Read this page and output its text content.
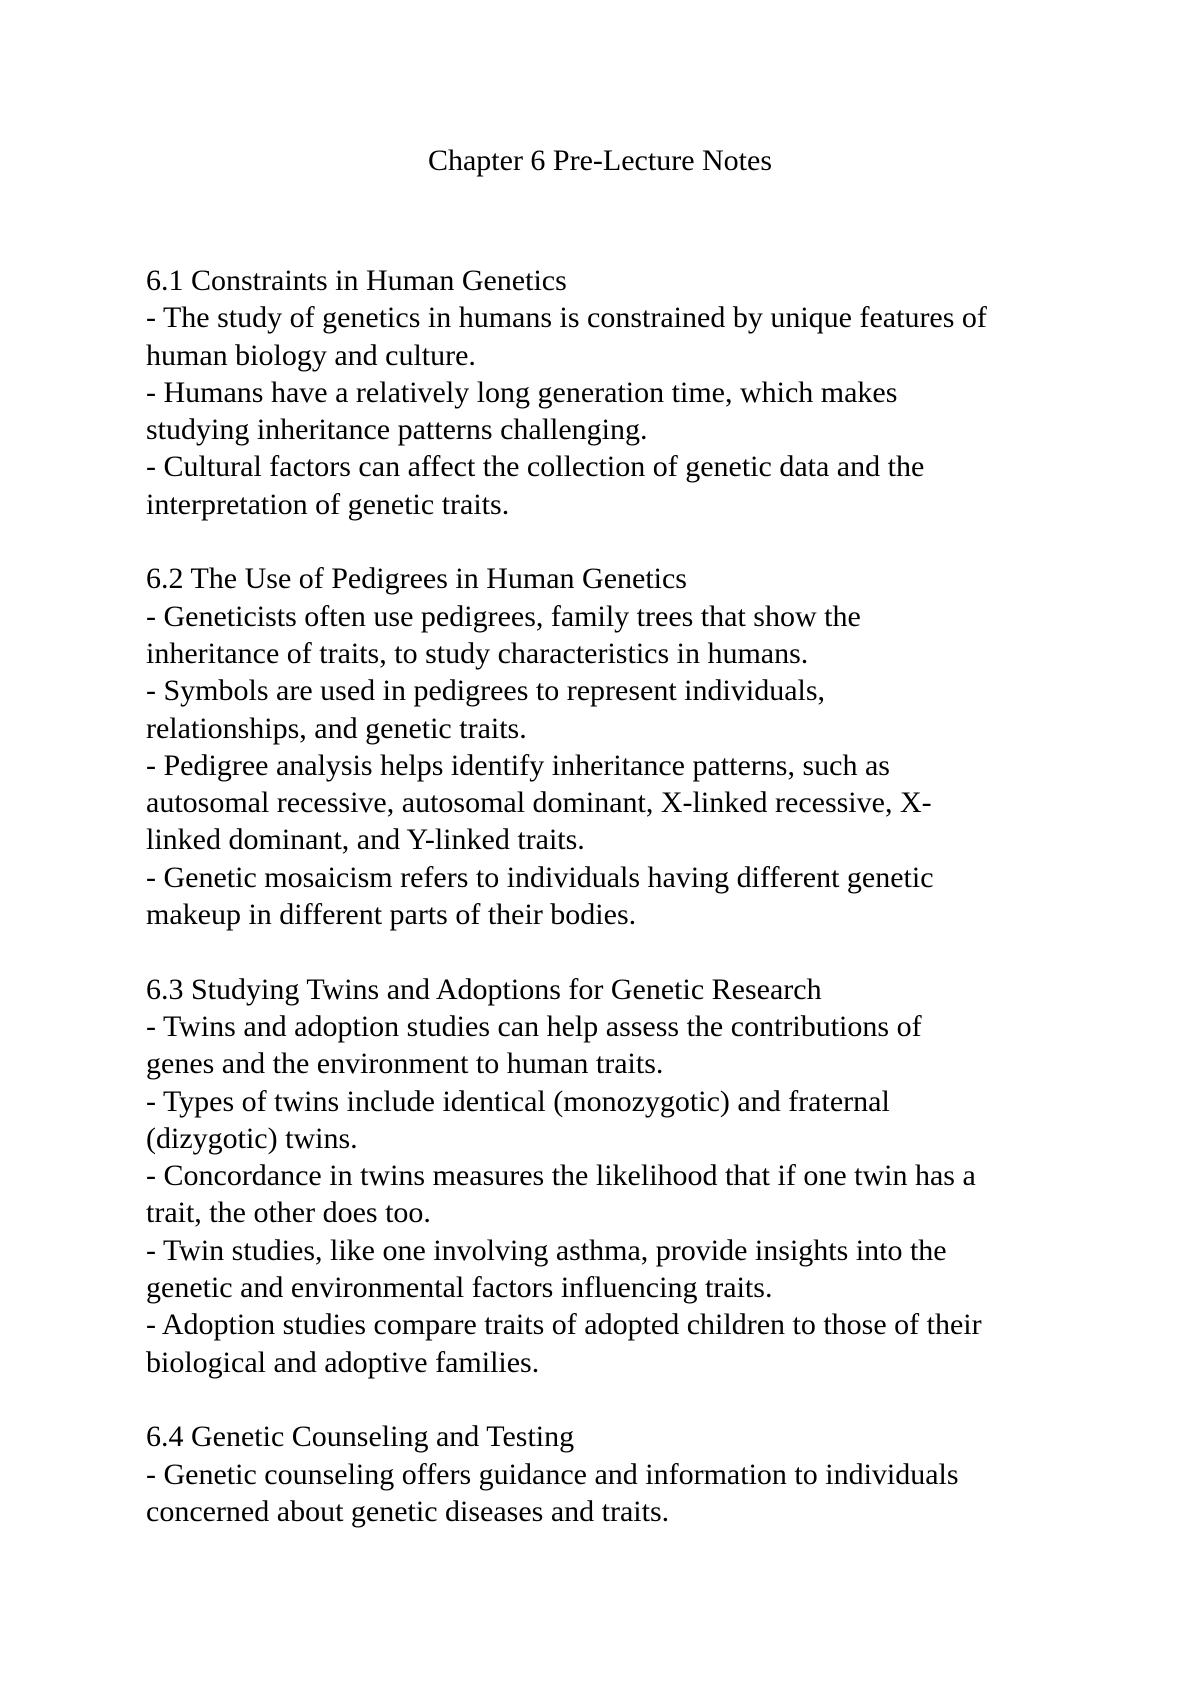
Chapter 6 Pre-Lecture Notes
6.1 Constraints in Human Genetics

- The study of genetics in humans is constrained by unique features of

human biology and culture.

- Humans have a relatively long generation time, which makes

studying inheritance patterns challenging.

- Cultural factors can affect the collection of genetic data and the

interpretation of genetic traits.

6.2 The Use of Pedigrees in Human Genetics

- Geneticists often use pedigrees, family trees that show the

inheritance of traits, to study characteristics in humans.

- Symbols are used in pedigrees to represent individuals,

relationships, and genetic traits.

- Pedigree analysis helps identify inheritance patterns, such as

autosomal recessive, autosomal dominant, X-linked recessive, X-

linked dominant, and Y-linked traits.

- Genetic mosaicism refers to individuals having different genetic

makeup in different parts of their bodies.

6.3 Studying Twins and Adoptions for Genetic Research

- Twins and adoption studies can help assess the contributions of

genes and the environment to human traits.

- Types of twins include identical (monozygotic) and fraternal

(dizygotic) twins.

- Concordance in twins measures the likelihood that if one twin has a

trait, the other does too.

- Twin studies, like one involving asthma, provide insights into the

genetic and environmental factors influencing traits.

- Adoption studies compare traits of adopted children to those of their

biological and adoptive families.

6.4 Genetic Counseling and Testing

- Genetic counseling offers guidance and information to individuals

concerned about genetic diseases and traits.
